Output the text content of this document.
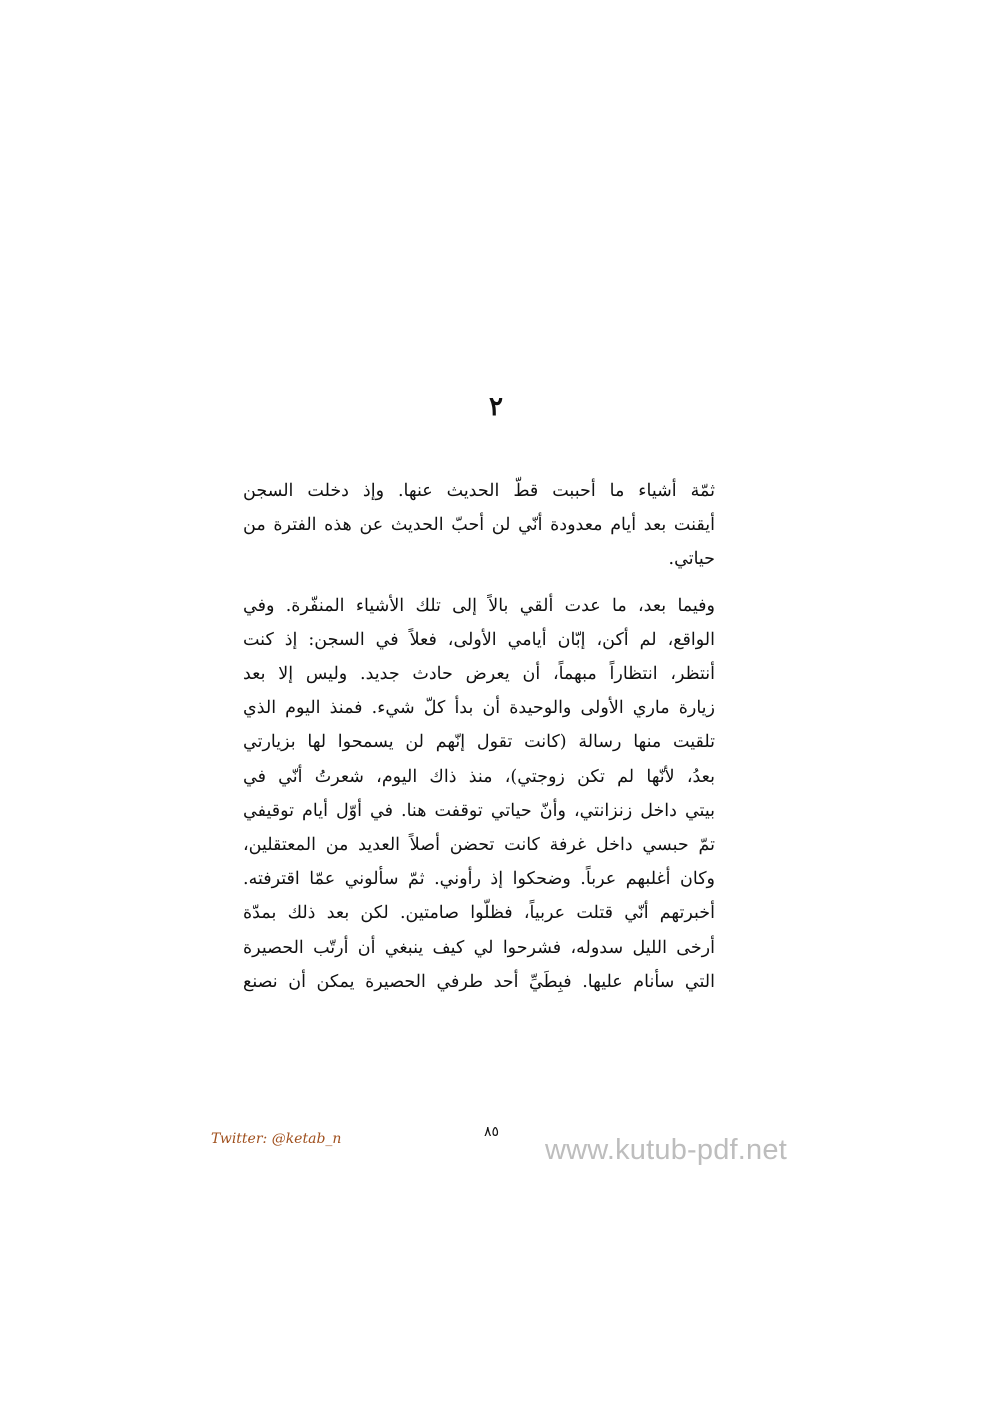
٢

ثمّة أشياء ما أحببت قطّ الحديث عنها. وإذ دخلت السجن
أيقنت بعد أيام معدودة أنّي لن أحبّ الحديث عن هذه الفترة من
حياتي.

وفيما بعد، ما عدت ألقي بالاً إلى تلك الأشياء المنفّرة. وفي
الواقع، لم أكن، إبّان أيامي الأولى، فعلاً في السجن: إذ كنت
أنتظر، انتظاراً مبهماً، أن يعرض حادث جديد. وليس إلا بعد
زيارة ماري الأولى والوحيدة أن بدأ كلّ شيء. فمنذ اليوم الذي
تلقيت منها رسالة (كانت تقول إنّهم لن يسمحوا لها بزيارتي
بعدُ، لأنّها لم تكن زوجتي)، منذ ذاك اليوم، شعرتُ أنّي في
بيتي داخل زنزانتي، وأنّ حياتي توقفت هنا. في أوّل أيام توقيفي
تمّ حبسي داخل غرفة كانت تحضن أصلاً العديد من المعتقلين،
وكان أغلبهم عرباً. وضحكوا إذ رأوني. ثمّ سألوني عمّا اقترفته.
أخبرتهم أنّي قتلت عربياً، فظلّوا صامتين. لكن بعد ذلك بمدّة
أرخى الليل سدوله، فشرحوا لي كيف ينبغي أن أرتّب الحصيرة
التي سأنام عليها. فبِطَيِّ أحد طرفي الحصيرة يمكن أن نصنع

Twitter: @ketab_n	٨٥
www.kutub-pdf.net
